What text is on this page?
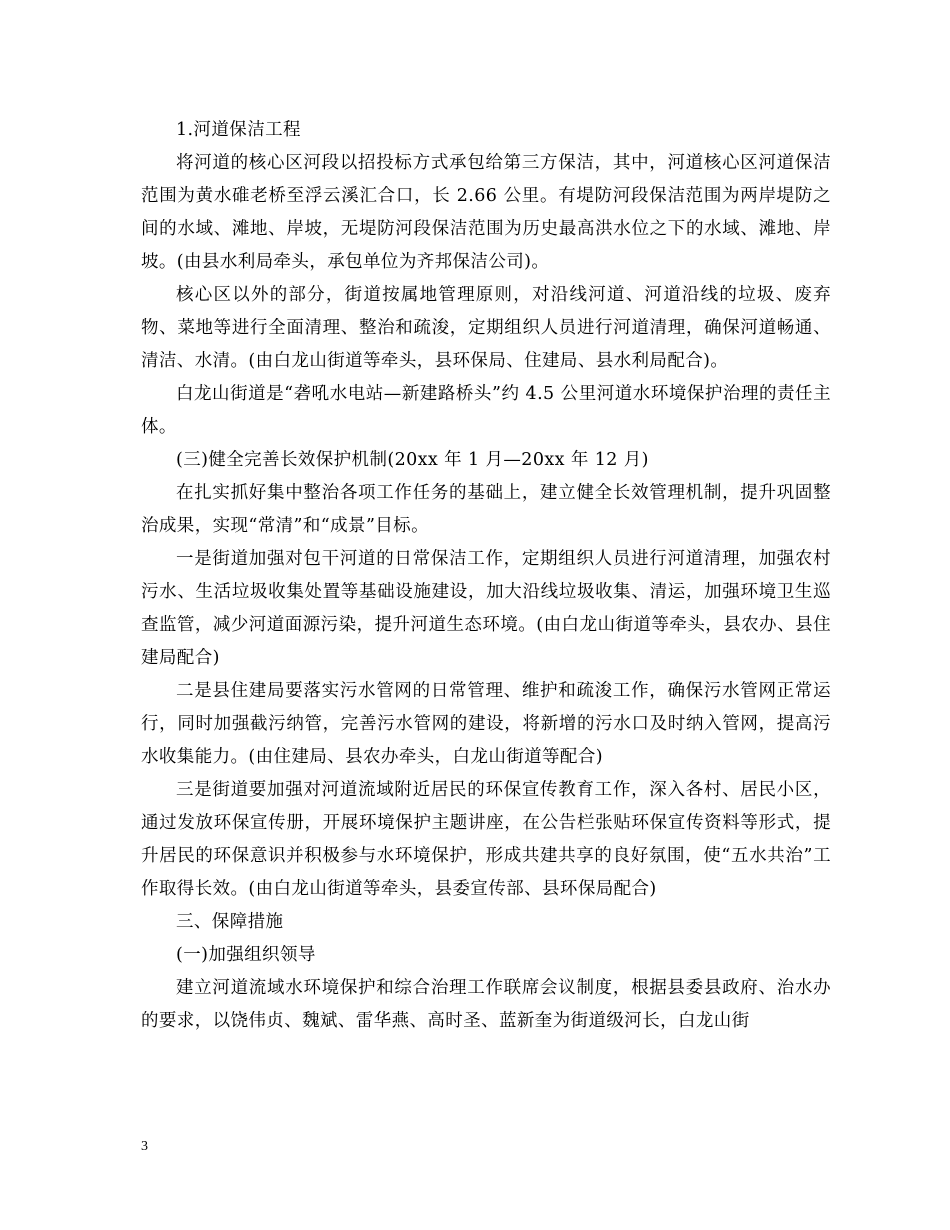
1.河道保洁工程

将河道的核心区河段以招投标方式承包给第三方保洁，其中，河道核心区河道保洁范围为黄水碓老桥至浮云溪汇合口，长 2.66 公里。有堤防河段保洁范围为两岸堤防之间的水域、滩地、岸坡，无堤防河段保洁范围为历史最高洪水位之下的水域、滩地、岸坡。(由县水利局牵头，承包单位为齐邦保洁公司)。

核心区以外的部分，街道按属地管理原则，对沿线河道、河道沿线的垃圾、废弃物、菜地等进行全面清理、整治和疏浚，定期组织人员进行河道清理，确保河道畅通、清洁、水清。(由白龙山街道等牵头，县环保局、住建局、县水利局配合)。

白龙山街道是“砻吼水电站—新建路桥头”约 4.5 公里河道水环境保护治理的责任主体。

(三)健全完善长效保护机制(20xx 年 1 月—20xx 年 12 月)

在扎实抓好集中整治各项工作任务的基础上，建立健全长效管理机制，提升巩固整治成果，实现“常清”和“成景”目标。

一是街道加强对包干河道的日常保洁工作，定期组织人员进行河道清理，加强农村污水、生活垃圾收集处置等基础设施建设，加大沿线垃圾收集、清运，加强环境卫生巡查监管，减少河道面源污染，提升河道生态环境。(由白龙山街道等牵头，县农办、县住建局配合)

二是县住建局要落实污水管网的日常管理、维护和疏浚工作，确保污水管网正常运行，同时加强截污纳管，完善污水管网的建设，将新增的污水口及时纳入管网，提高污水收集能力。(由住建局、县农办牵头，白龙山街道等配合)

三是街道要加强对河道流域附近居民的环保宣传教育工作，深入各村、居民小区，通过发放环保宣传册，开展环境保护主题讲座，在公告栏张贴环保宣传资料等形式，提升居民的环保意识并积极参与水环境保护，形成共建共享的良好氛围，使“五水共治”工作取得长效。(由白龙山街道等牵头，县委宣传部、县环保局配合)

三、保障措施

(一)加强组织领导

建立河道流域水环境保护和综合治理工作联席会议制度，根据县委县政府、治水办的要求，以饶伟贞、魏斌、雷华燕、高时圣、蓝新奎为街道级河长，白龙山街

3
